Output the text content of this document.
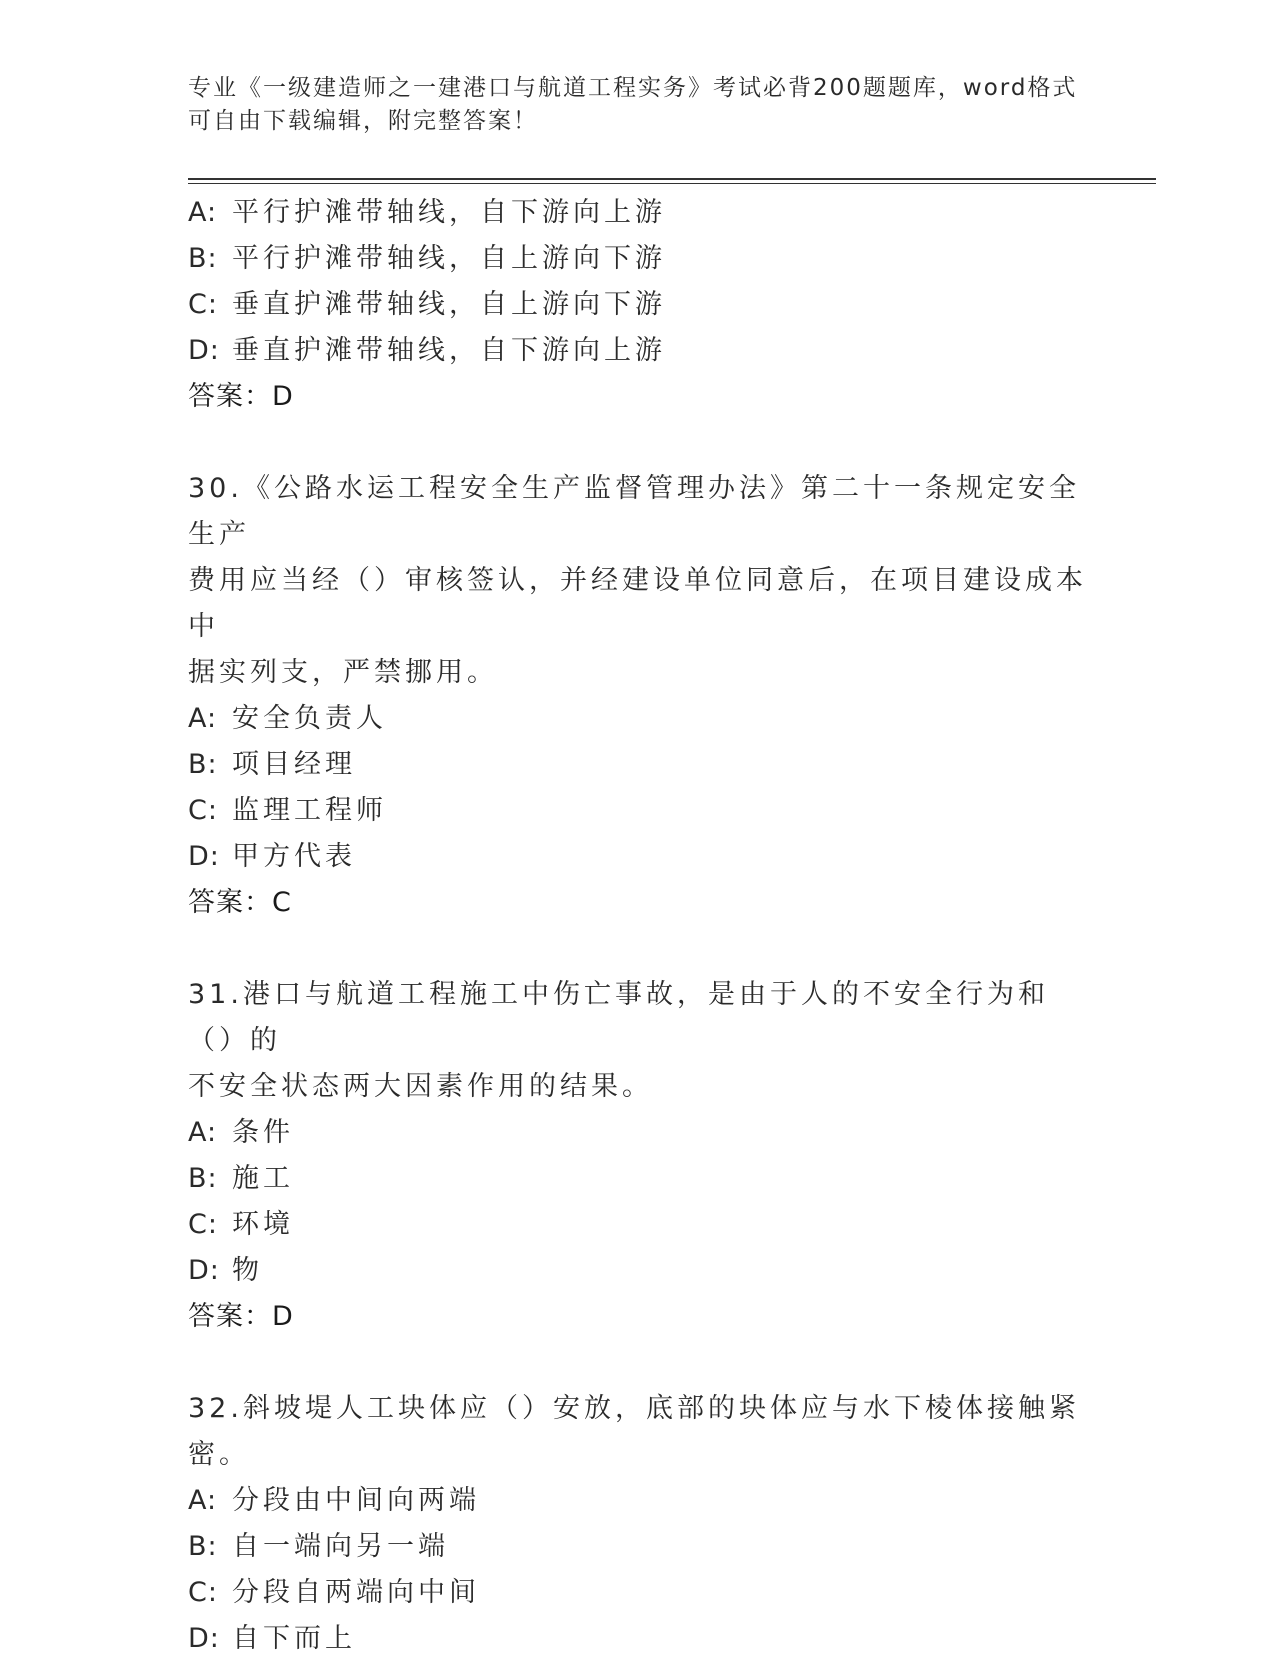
专业《一级建造师之一建港口与航道工程实务》考试必背200题题库，word格式
可自由下载编辑，附完整答案！
A: 平行护滩带轴线，自下游向上游
B: 平行护滩带轴线，自上游向下游
C: 垂直护滩带轴线，自上游向下游
D: 垂直护滩带轴线，自下游向上游
答案：D
30.《公路水运工程安全生产监督管理办法》第二十一条规定安全生产
费用应当经（）审核签认，并经建设单位同意后，在项目建设成本中
据实列支，严禁挪用。
A: 安全负责人
B: 项目经理
C: 监理工程师
D: 甲方代表
答案：C
31.港口与航道工程施工中伤亡事故，是由于人的不安全行为和（）的
不安全状态两大因素作用的结果。
A: 条件
B: 施工
C: 环境
D: 物
答案：D
32.斜坡堤人工块体应（）安放，底部的块体应与水下棱体接触紧密。
A: 分段由中间向两端
B: 自一端向另一端
C: 分段自两端向中间
D: 自下而上
